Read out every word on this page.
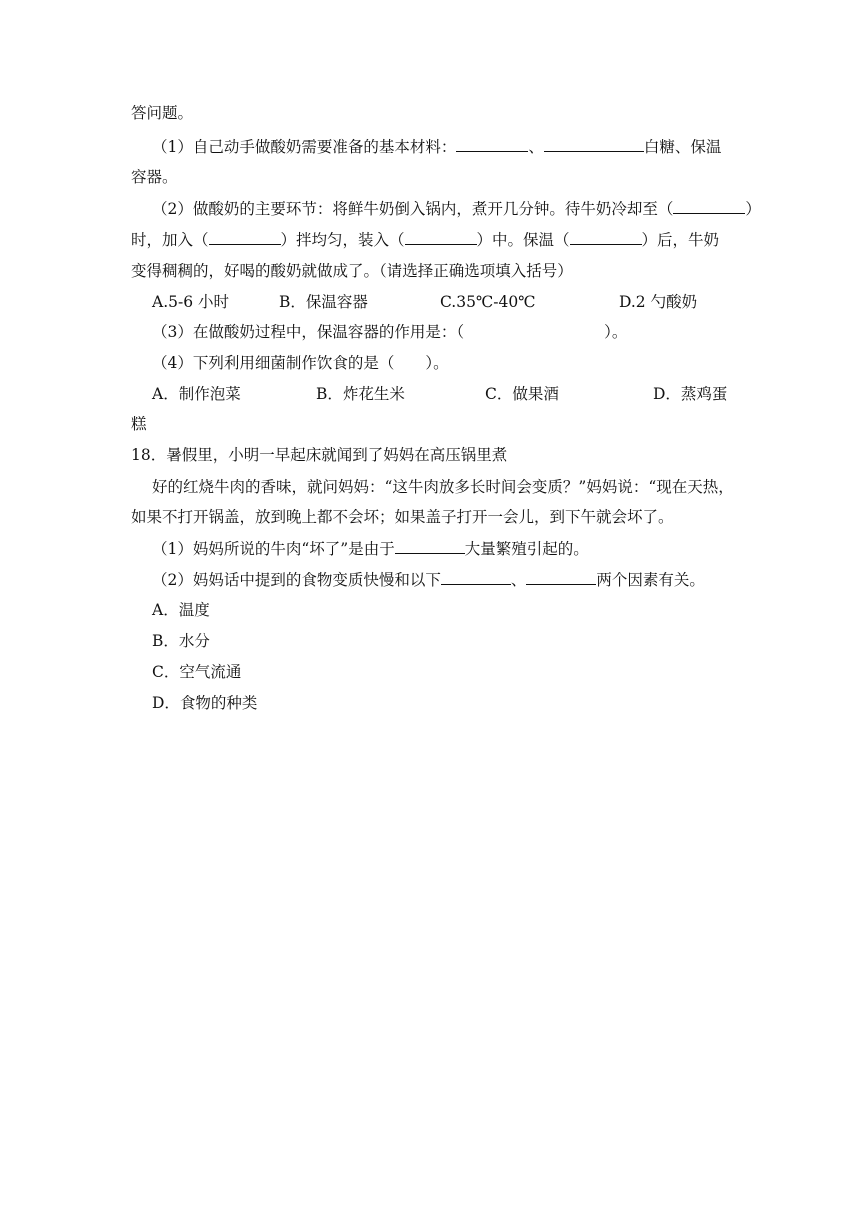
答问题。
（1）自己动手做酸奶需要准备的基本材料：	、	白糖、保温
容器。
（2）做酸奶的主要环节：将鲜牛奶倒入锅内，煮开几分钟。待牛奶冷却至（	）
时，加入（	）拌均匀，装入（	）中。保温（	）后，牛奶
变得稠稠的，好喝的酸奶就做成了。（请选择正确选项填入括号）
A.5-6 小时	B．保温容器	C.35℃-40℃	D.2 勺酸奶
（3）在做酸奶过程中，保温容器的作用是：（	）。
（4）下列利用细菌制作饮食的是（　　）。
A．制作泡菜	B．炸花生米	C．做果酒	D．蒸鸡蛋
糕
18．暑假里，小明一早起床就闻到了妈妈在高压锅里煮
好的红烧牛肉的香味，就问妈妈：“这牛肉放多长时间会变质？”妈妈说：“现在天热，
如果不打开锅盖，放到晚上都不会坏；如果盖子打开一会儿，到下午就会坏了。
（1）妈妈所说的牛肉“坏了”是由于	大量繁殖引起的。
（2）妈妈话中提到的食物变质快慢和以下	、	两个因素有关。
A．温度
B．水分
C．空气流通
D．食物的种类
